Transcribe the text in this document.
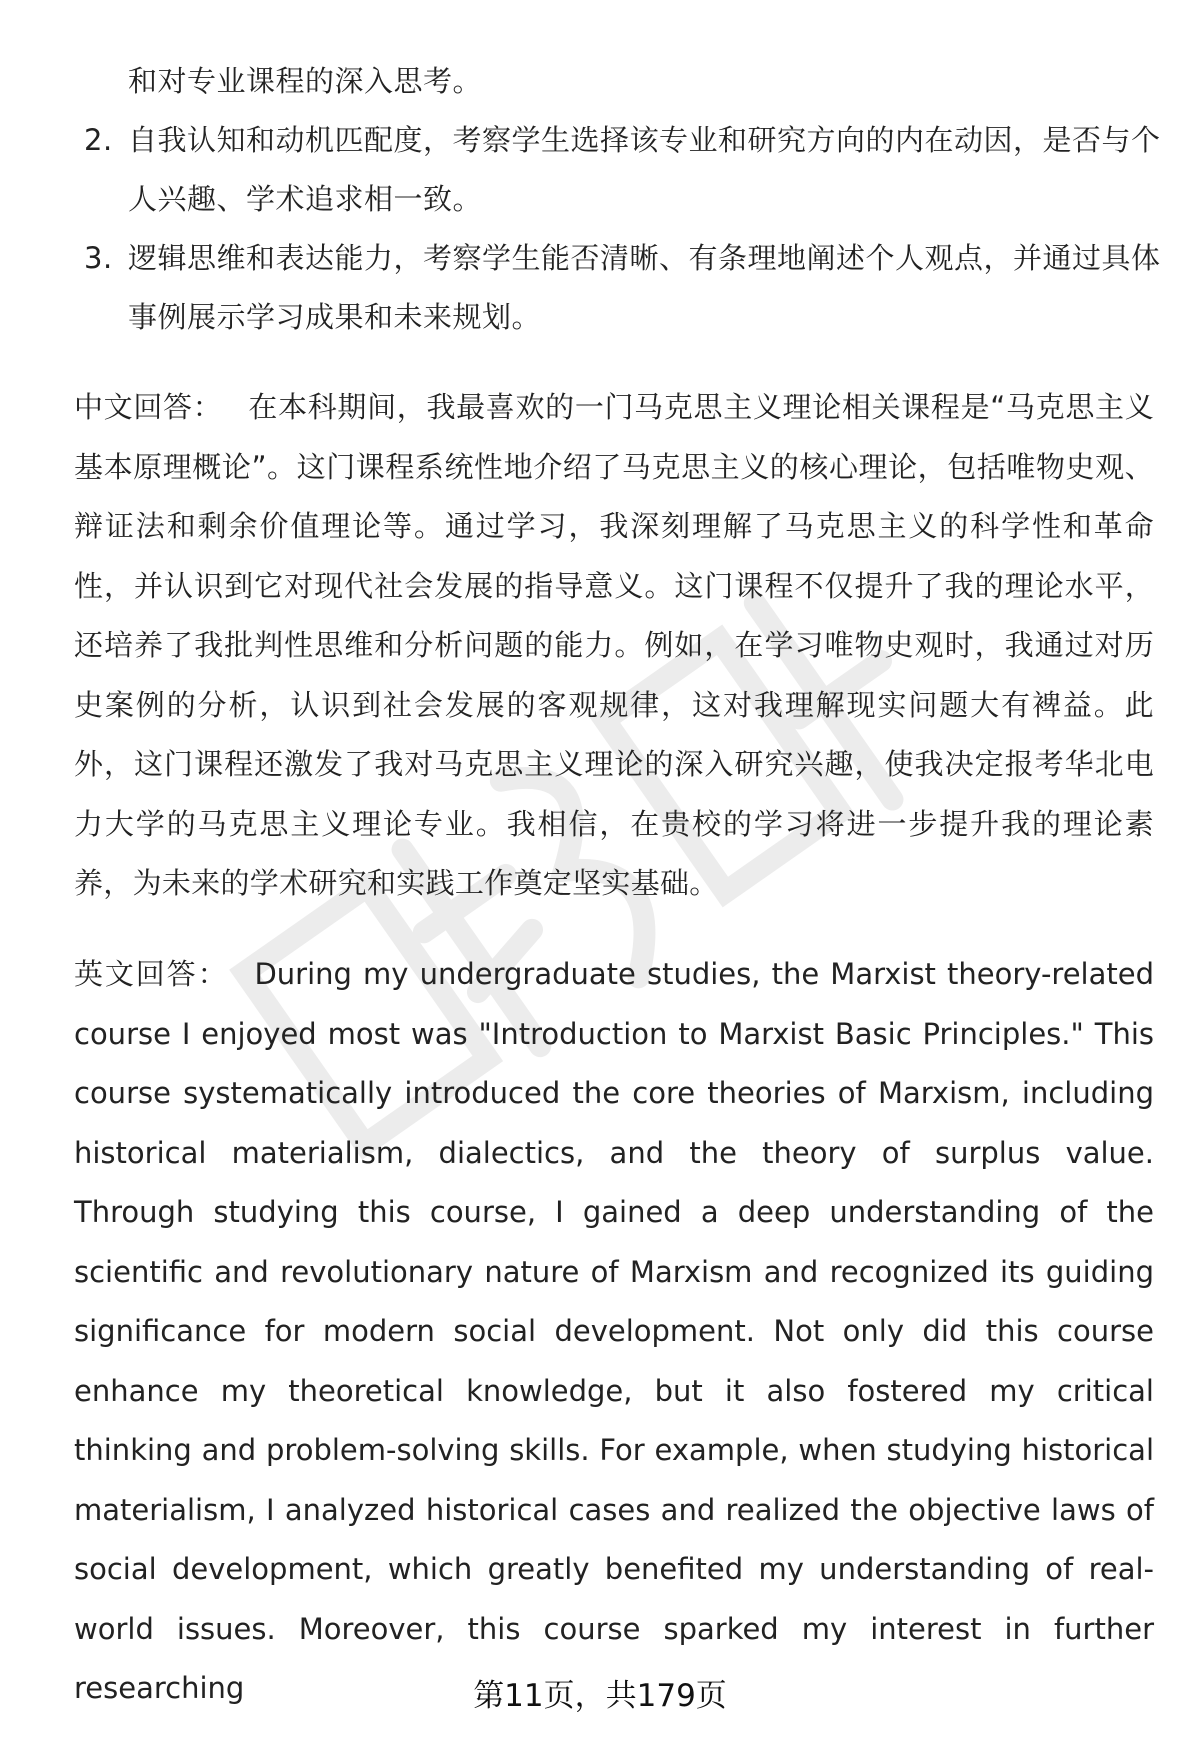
和对专业课程的深入思考。
2. 自我认知和动机匹配度，考察学生选择该专业和研究方向的内在动因，是否与个人兴趣、学术追求相一致。
3. 逻辑思维和表达能力，考察学生能否清晰、有条理地阐述个人观点，并通过具体事例展示学习成果和未来规划。

中文回答： 在本科期间，我最喜欢的一门马克思主义理论相关课程是“马克思主义基本原理概论”。这门课程系统性地介绍了马克思主义的核心理论，包括唯物史观、辩证法和剩余价值理论等。通过学习，我深刻理解了马克思主义的科学性和革命性，并认识到它对现代社会发展的指导意义。这门课程不仅提升了我的理论水平，还培养了我批判性思维和分析问题的能力。例如，在学习唯物史观时，我通过对历史案例的分析，认识到社会发展的客观规律，这对我理解现实问题大有裨益。此外，这门课程还激发了我对马克思主义理论的深入研究兴趣，使我决定报考华北电力大学的马克思主义理论专业。我相信，在贵校的学习将进一步提升我的理论素养，为未来的学术研究和实践工作奠定坚实基础。

英文回答： During my undergraduate studies, the Marxist theory-related course I enjoyed most was "Introduction to Marxist Basic Principles." This course systematically introduced the core theories of Marxism, including historical materialism, dialectics, and the theory of surplus value. Through studying this course, I gained a deep understanding of the scientific and revolutionary nature of Marxism and recognized its guiding significance for modern social development. Not only did this course enhance my theoretical knowledge, but it also fostered my critical thinking and problem-solving skills. For example, when studying historical materialism, I analyzed historical cases and realized the objective laws of social development, which greatly benefited my understanding of real-world issues. Moreover, this course sparked my interest in further researching	第11页，共179页
